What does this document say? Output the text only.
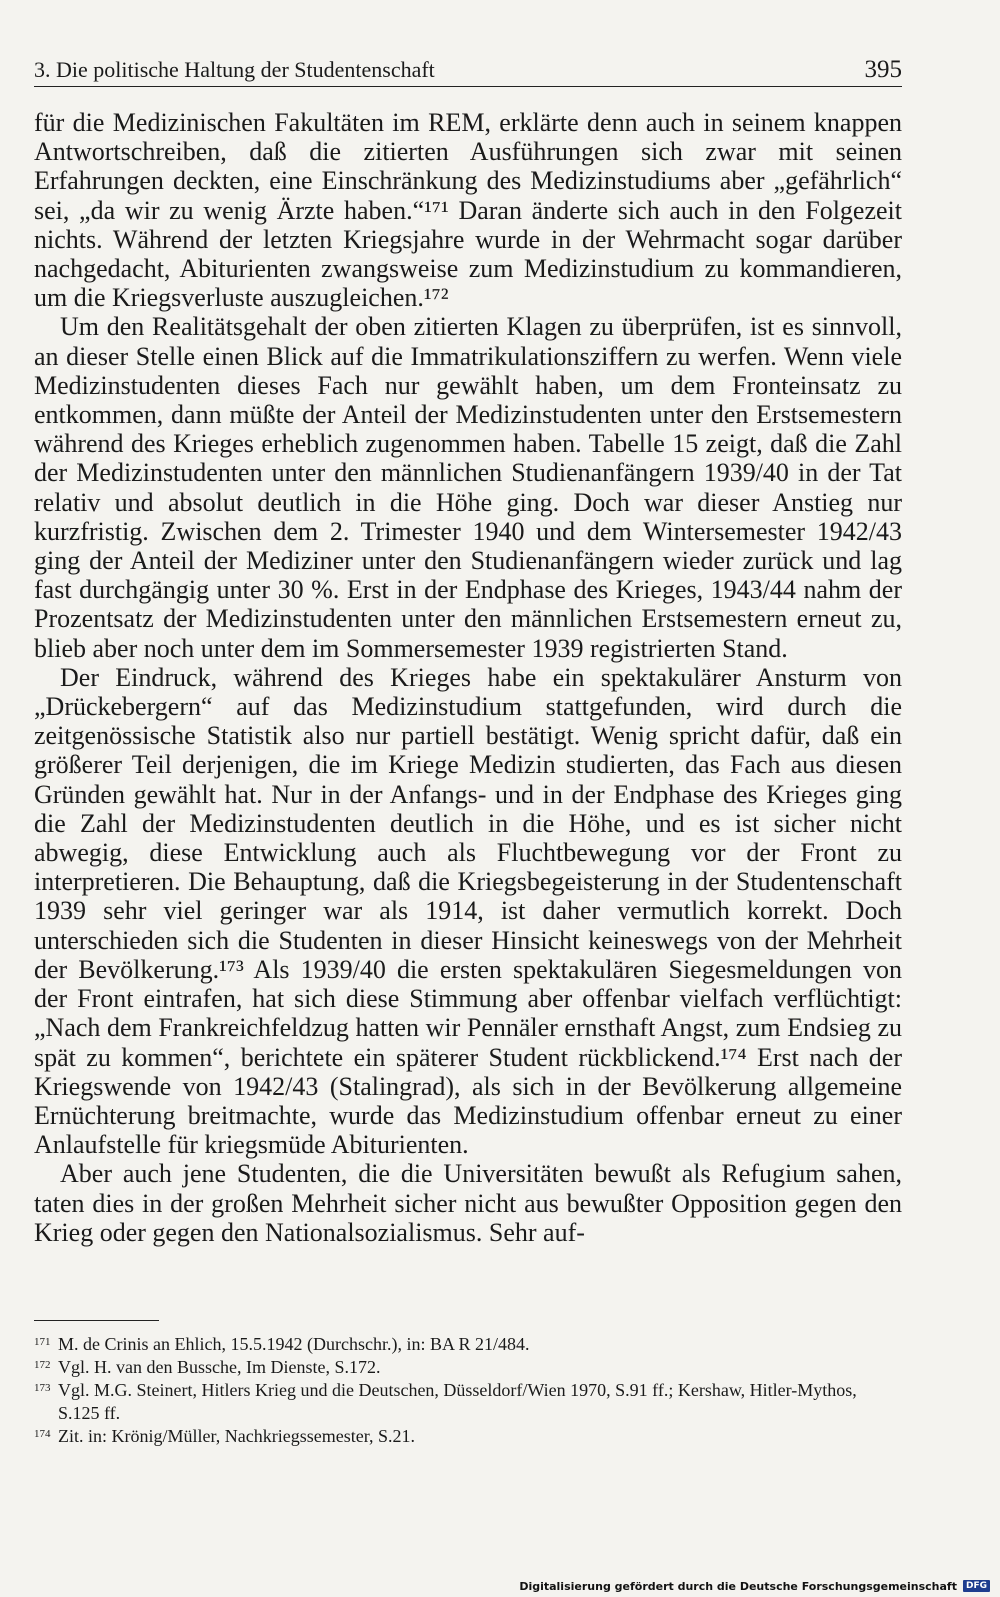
3. Die politische Haltung der Studentenschaft	395

für die Medizinischen Fakultäten im REM, erklärte denn auch in seinem knappen Antwortschreiben, daß die zitierten Ausführungen sich zwar mit seinen Erfahrungen deckten, eine Einschränkung des Medizinstudiums aber „gefährlich“ sei, „da wir zu wenig Ärzte haben.“¹⁷¹ Daran änderte sich auch in den Folgezeit nichts. Während der letzten Kriegsjahre wurde in der Wehrmacht sogar darüber nachgedacht, Abiturienten zwangsweise zum Medizinstudium zu kommandieren, um die Kriegsverluste auszugleichen.¹⁷²

Um den Realitätsgehalt der oben zitierten Klagen zu überprüfen, ist es sinnvoll, an dieser Stelle einen Blick auf die Immatrikulationsziffern zu werfen. Wenn viele Medizinstudenten dieses Fach nur gewählt haben, um dem Fronteinsatz zu entkommen, dann müßte der Anteil der Medizinstudenten unter den Erstsemestern während des Krieges erheblich zugenommen haben. Tabelle 15 zeigt, daß die Zahl der Medizinstudenten unter den männlichen Studienanfängern 1939/40 in der Tat relativ und absolut deutlich in die Höhe ging. Doch war dieser Anstieg nur kurzfristig. Zwischen dem 2. Trimester 1940 und dem Wintersemester 1942/43 ging der Anteil der Mediziner unter den Studienanfängern wieder zurück und lag fast durchgängig unter 30 %. Erst in der Endphase des Krieges, 1943/44 nahm der Prozentsatz der Medizinstudenten unter den männlichen Erstsemestern erneut zu, blieb aber noch unter dem im Sommersemester 1939 registrierten Stand.

Der Eindruck, während des Krieges habe ein spektakulärer Ansturm von „Drückebergern“ auf das Medizinstudium stattgefunden, wird durch die zeitgenössische Statistik also nur partiell bestätigt. Wenig spricht dafür, daß ein größerer Teil derjenigen, die im Kriege Medizin studierten, das Fach aus diesen Gründen gewählt hat. Nur in der Anfangs- und in der Endphase des Krieges ging die Zahl der Medizinstudenten deutlich in die Höhe, und es ist sicher nicht abwegig, diese Entwicklung auch als Fluchtbewegung vor der Front zu interpretieren. Die Behauptung, daß die Kriegsbegeisterung in der Studentenschaft 1939 sehr viel geringer war als 1914, ist daher vermutlich korrekt. Doch unterschieden sich die Studenten in dieser Hinsicht keineswegs von der Mehrheit der Bevölkerung.¹⁷³ Als 1939/40 die ersten spektakulären Siegesmeldungen von der Front eintrafen, hat sich diese Stimmung aber offenbar vielfach verflüchtigt: „Nach dem Frankreichfeldzug hatten wir Pennäler ernsthaft Angst, zum Endsieg zu spät zu kommen“, berichtete ein späterer Student rückblickend.¹⁷⁴ Erst nach der Kriegswende von 1942/43 (Stalingrad), als sich in der Bevölkerung allgemeine Ernüchterung breitmachte, wurde das Medizinstudium offenbar erneut zu einer Anlaufstelle für kriegsmüde Abiturienten.

Aber auch jene Studenten, die die Universitäten bewußt als Refugium sahen, taten dies in der großen Mehrheit sicher nicht aus bewußter Opposition gegen den Krieg oder gegen den Nationalsozialismus. Sehr auf-

171 M. de Crinis an Ehlich, 15.5.1942 (Durchschr.), in: BA R 21/484.
172 Vgl. H. van den Bussche, Im Dienste, S.172.
173 Vgl. M.G. Steinert, Hitlers Krieg und die Deutschen, Düsseldorf/Wien 1970, S.91 ff.; Kershaw, Hitler-Mythos, S.125 ff.
174 Zit. in: Krönig/Müller, Nachkriegssemester, S.21.
Digitalisierung gefördert durch die Deutsche Forschungsgemeinschaft	DFG
